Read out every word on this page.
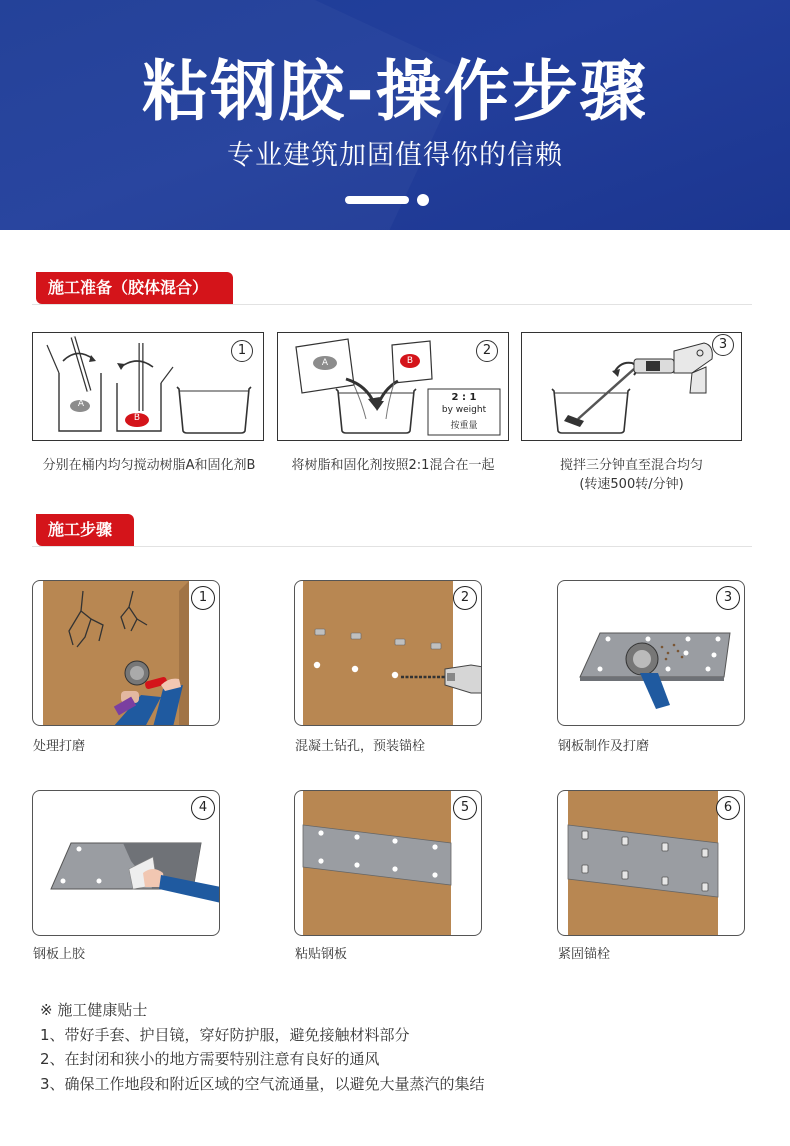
粘钢胶-操作步骤
专业建筑加固值得你的信赖
施工准备（胶体混合）
A
B
1
A	B
2 : 1
by weight
按重量
2	3
分别在桶内均匀搅动树脂A和固化剂B	将树脂和固化剂按照2:1混合在一起	搅拌三分钟直至混合均匀
(转速500转/分钟)
施工步骤
1	2	3
4	5	6
处理打磨	混凝土钻孔，预装锚栓	钢板制作及打磨
钢板上胶	粘贴钢板	紧固锚栓
※ 施工健康贴士
1、带好手套、护目镜，穿好防护服，避免接触材料部分
2、在封闭和狭小的地方需要特别注意有良好的通风
3、确保工作地段和附近区域的空气流通量，以避免大量蒸汽的集结
